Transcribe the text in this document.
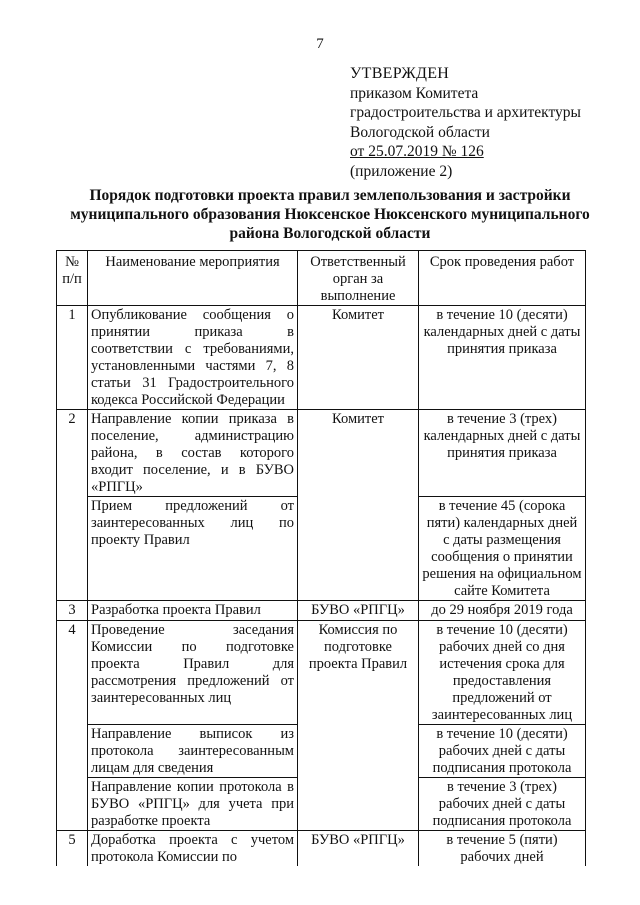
7
УТВЕРЖДЕН
приказом Комитета
градостроительства и архитектуры
Вологодской области
от 25.07.2019 № 126
(приложение 2)
Порядок подготовки проекта правил землепользования и застройки
муниципального образования Нюксенское Нюксенского муниципального
района Вологодской области
№ п/п	Наименование мероприятия	Ответственный орган за выполнение	Срок проведения работ
1	Опубликование сообщения о принятии приказа в соответствии с требованиями, установленными частями 7, 8 статьи 31 Градостроительного кодекса Российской Федерации	Комитет	в течение 10 (десяти) календарных дней с даты принятия приказа
2	Направление копии приказа в поселение, администрацию района, в состав которого входит поселение, и в БУВО «РПГЦ»	Комитет	в течение 3 (трех) календарных дней с даты принятия приказа
	Прием предложений от заинтересованных лиц по проекту Правил		в течение 45 (сорока пяти) календарных дней с даты размещения сообщения о принятии решения на официальном сайте Комитета
3	Разработка проекта Правил	БУВО «РПГЦ»	до 29 ноября 2019 года
4	Проведение заседания Комиссии по подготовке проекта Правил для рассмотрения предложений от заинтересованных лиц	Комиссия по подготовке проекта Правил	в течение 10 (десяти) рабочих дней со дня истечения срока для предоставления предложений от заинтересованных лиц
	Направление выписок из протокола заинтересованным лицам для сведения		в течение 10 (десяти) рабочих дней с даты подписания протокола
	Направление копии протокола в БУВО «РПГЦ» для учета при разработке проекта		в течение 3 (трех) рабочих дней с даты подписания протокола
5	Доработка проекта с учетом протокола Комиссии по	БУВО «РПГЦ»	в течение 5 (пяти) рабочих дней
